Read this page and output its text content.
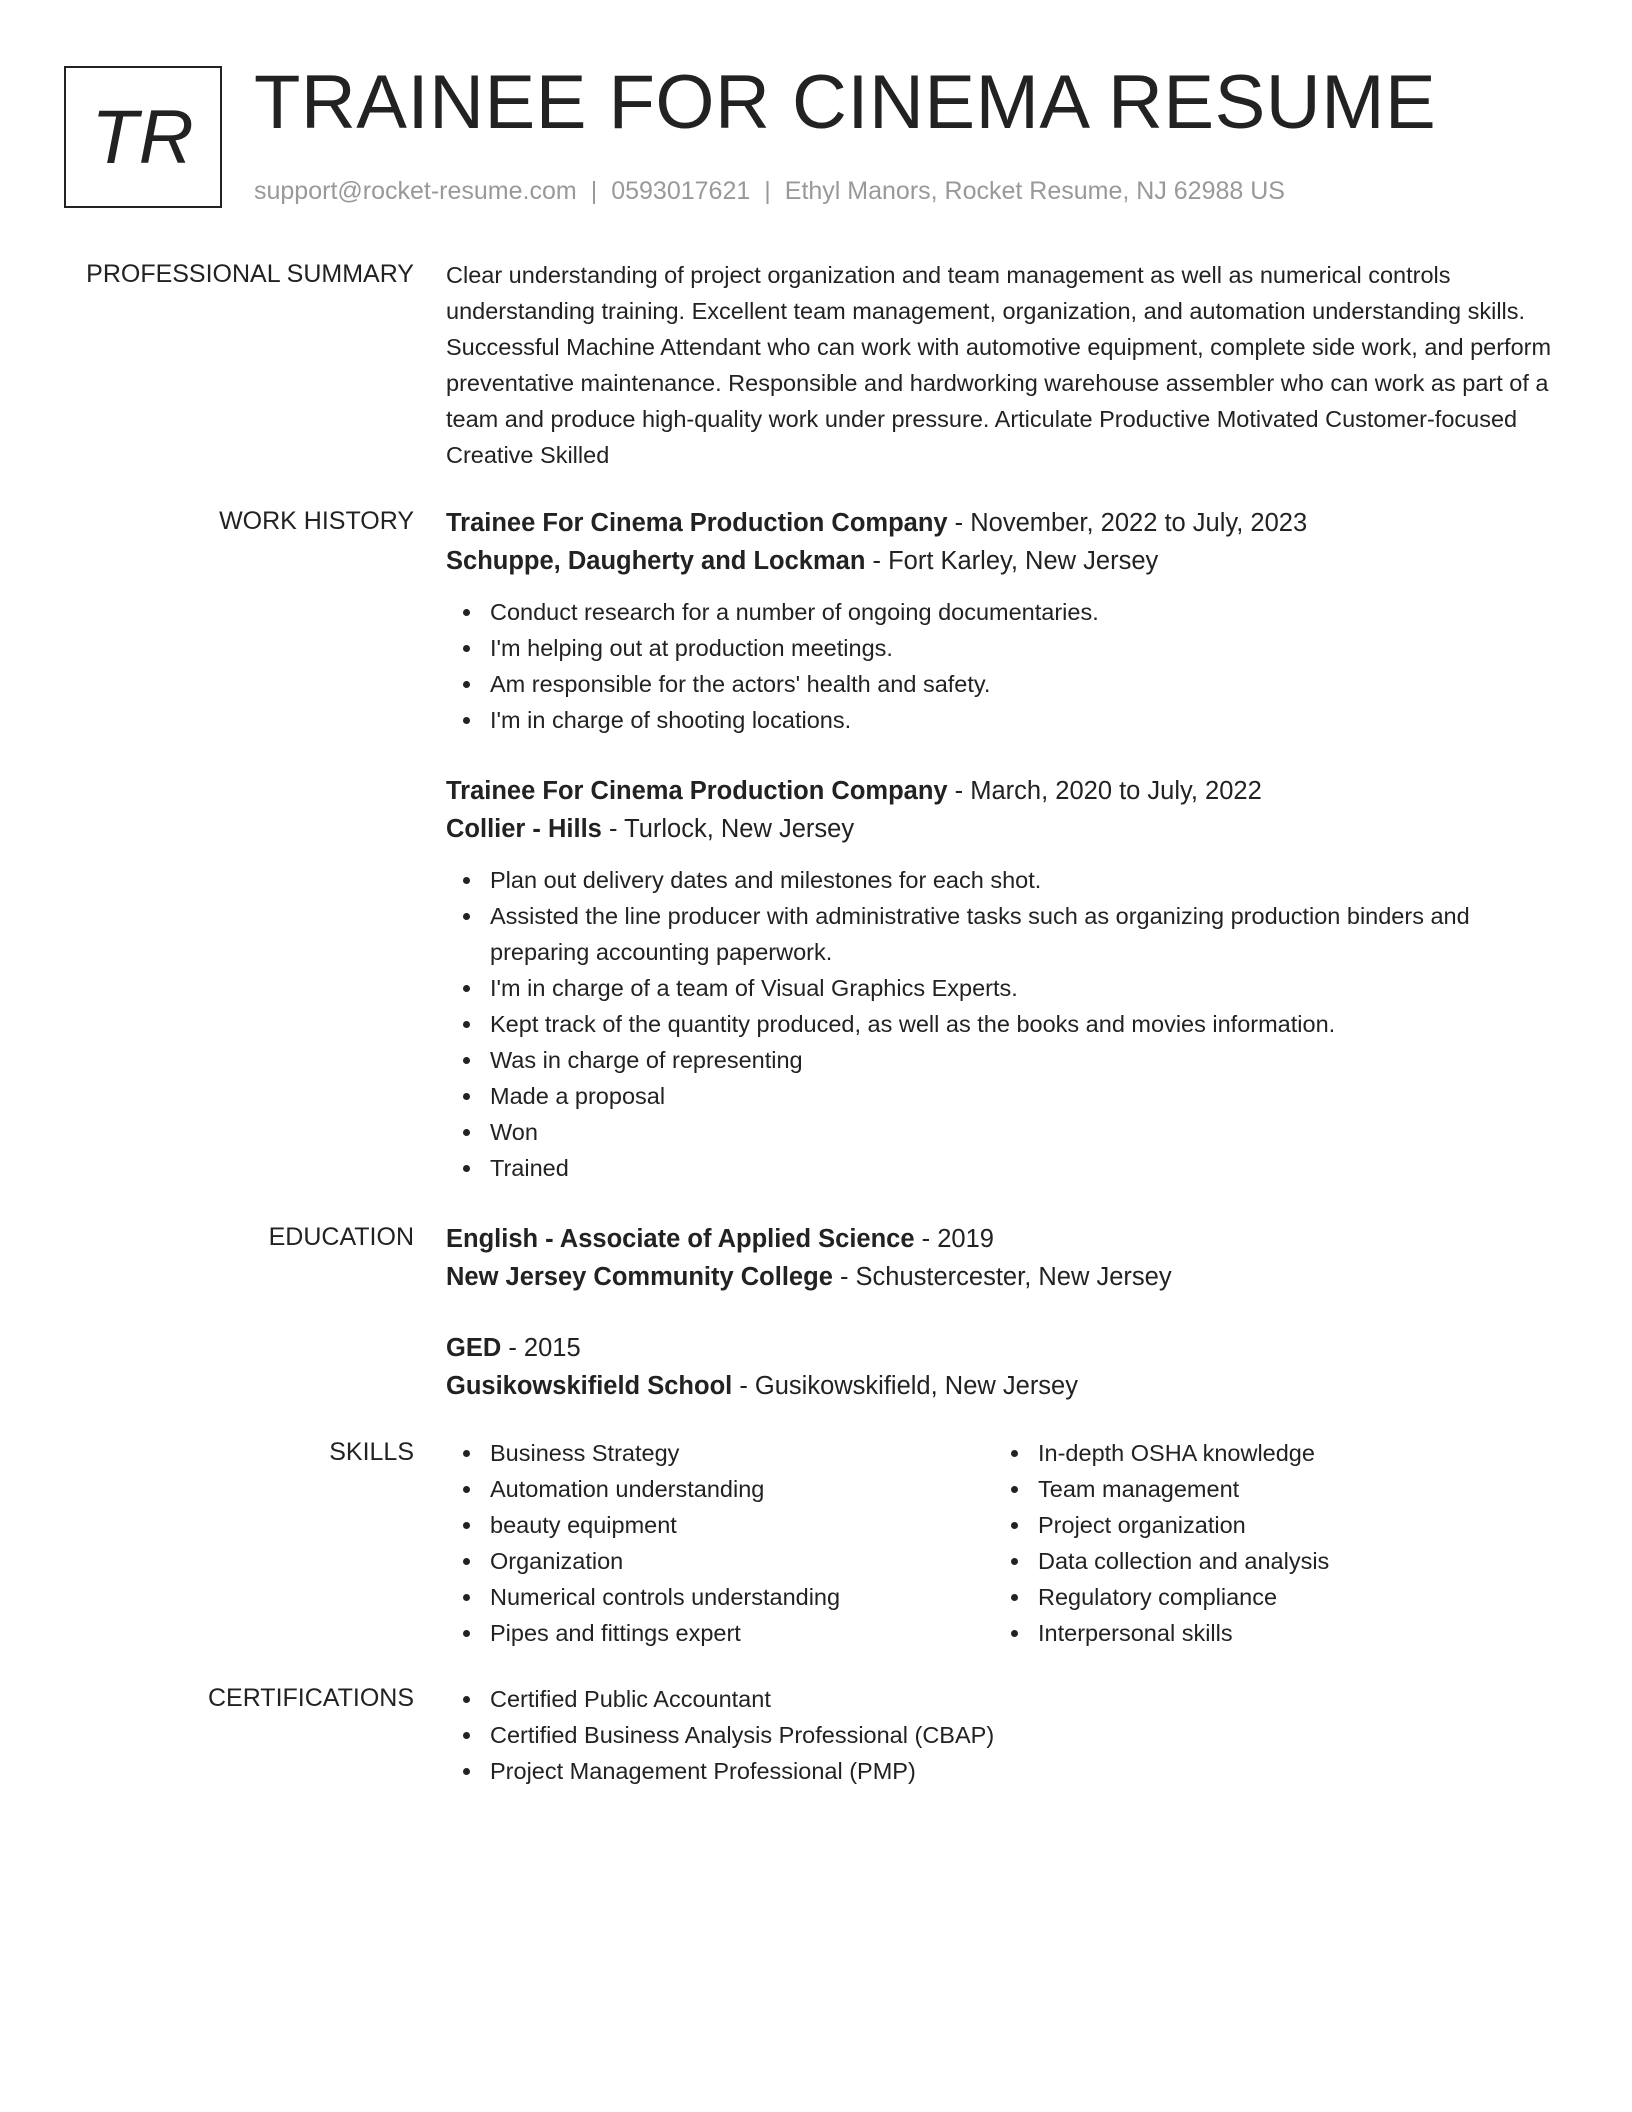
TR TRAINEE FOR CINEMA RESUME
support@rocket-resume.com | 0593017621 | Ethyl Manors, Rocket Resume, NJ 62988 US
PROFESSIONAL SUMMARY Clear understanding of project organization and team management as well as numerical controls understanding training. Excellent team management, organization, and automation understanding skills. Successful Machine Attendant who can work with automotive equipment, complete side work, and perform preventative maintenance. Responsible and hardworking warehouse assembler who can work as part of a team and produce high-quality work under pressure. Articulate Productive Motivated Customer-focused Creative Skilled
WORK HISTORY Trainee For Cinema Production Company - November, 2022 to July, 2023
Schuppe, Daugherty and Lockman - Fort Karley, New Jersey
Conduct research for a number of ongoing documentaries.
I'm helping out at production meetings.
Am responsible for the actors' health and safety.
I'm in charge of shooting locations.
Trainee For Cinema Production Company - March, 2020 to July, 2022
Collier - Hills - Turlock, New Jersey
Plan out delivery dates and milestones for each shot.
Assisted the line producer with administrative tasks such as organizing production binders and preparing accounting paperwork.
I'm in charge of a team of Visual Graphics Experts.
Kept track of the quantity produced, as well as the books and movies information.
Was in charge of representing
Made a proposal
Won
Trained
EDUCATION English - Associate of Applied Science - 2019
New Jersey Community College - Schustercester, New Jersey
GED - 2015
Gusikowskifield School - Gusikowskifield, New Jersey
SKILLS	Business Strategy
Automation understanding
beauty equipment
Organization
Numerical controls understanding
Pipes and fittings expert
In-depth OSHA knowledge
Team management
Project organization
Data collection and analysis
Regulatory compliance
Interpersonal skills
CERTIFICATIONS	Certified Public Accountant
Certified Business Analysis Professional (CBAP)
Project Management Professional (PMP)
